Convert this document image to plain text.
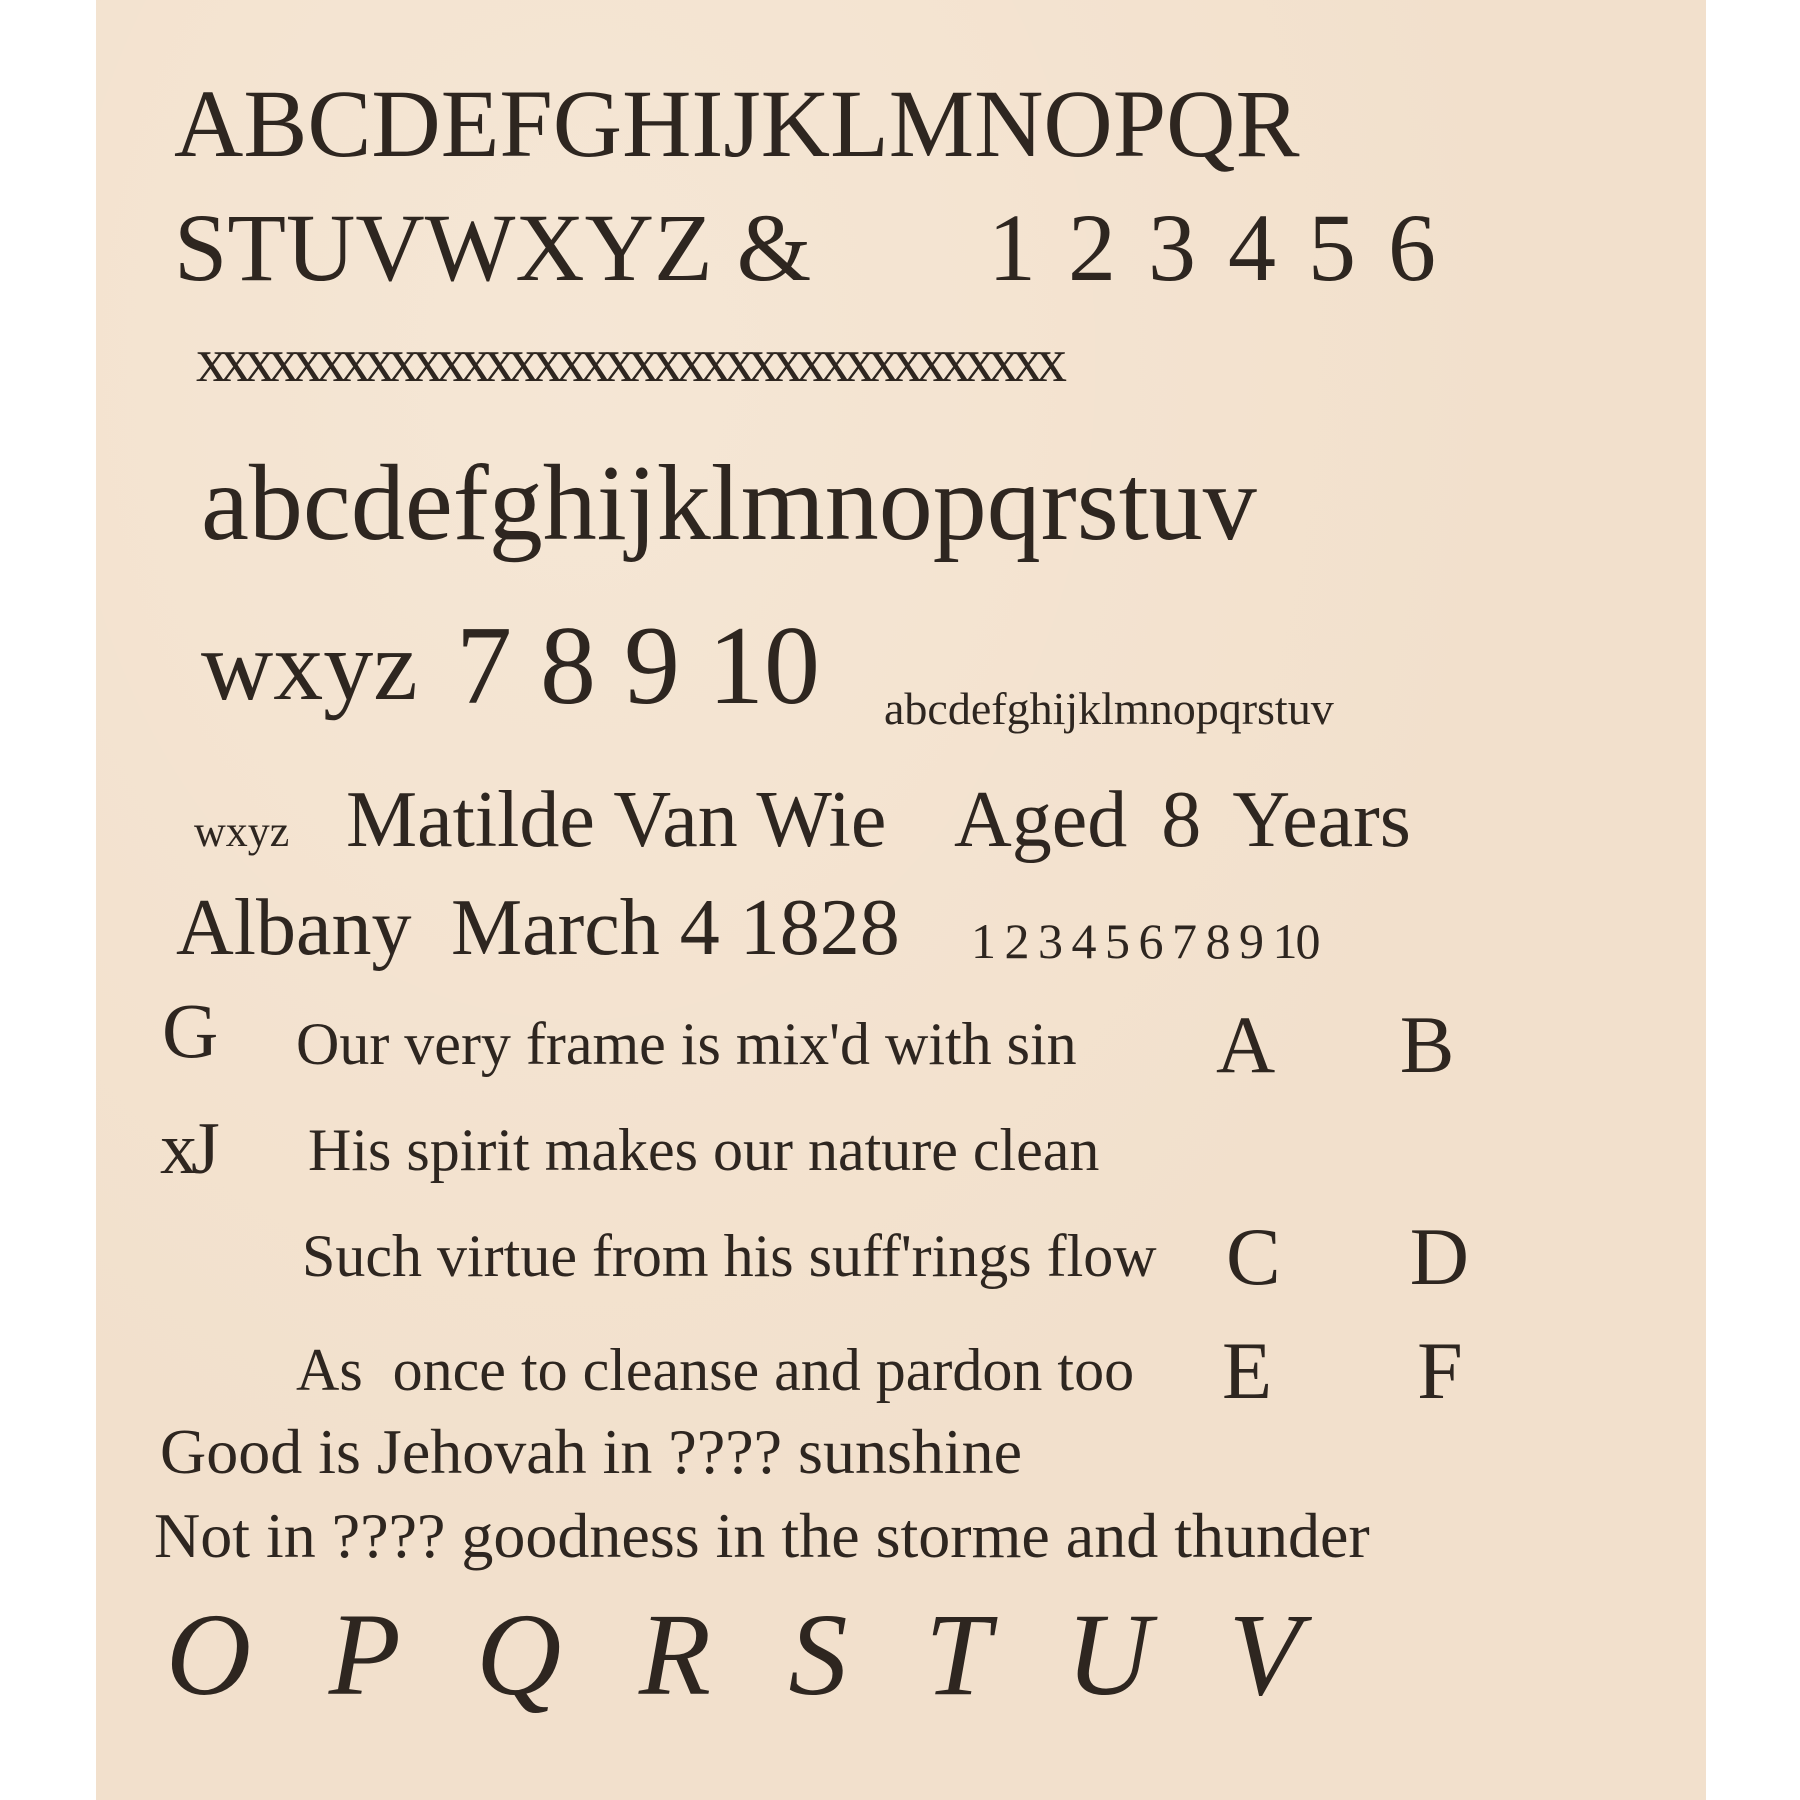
ABCDEFGHIJKLMNOPQR
STUVWXYZ & 1 2 3 4 5 6
xxxxxxxxxxxxxxxxxxxxxxxxxxxxxxxxxxxx
abcdefghijklmnopqrstuv
wxyz 7 8 9 10 abcdefghijklmnopqrstuv
wxyz Matilde Van Wie Aged 8 Years
Albany March 4 1828 1 2 3 4 5 6 7 8 9 10
G Our very frame is mix'd with sin A  B
xJ His spirit makes our nature clean
Such virtue from his suff'rings flow C  D
As  once to cleanse and pardon too E  F
Good is Jehovah in ???? sunshine
Not in ???? goodness in the storme and thunder
O P Q R S T U V
